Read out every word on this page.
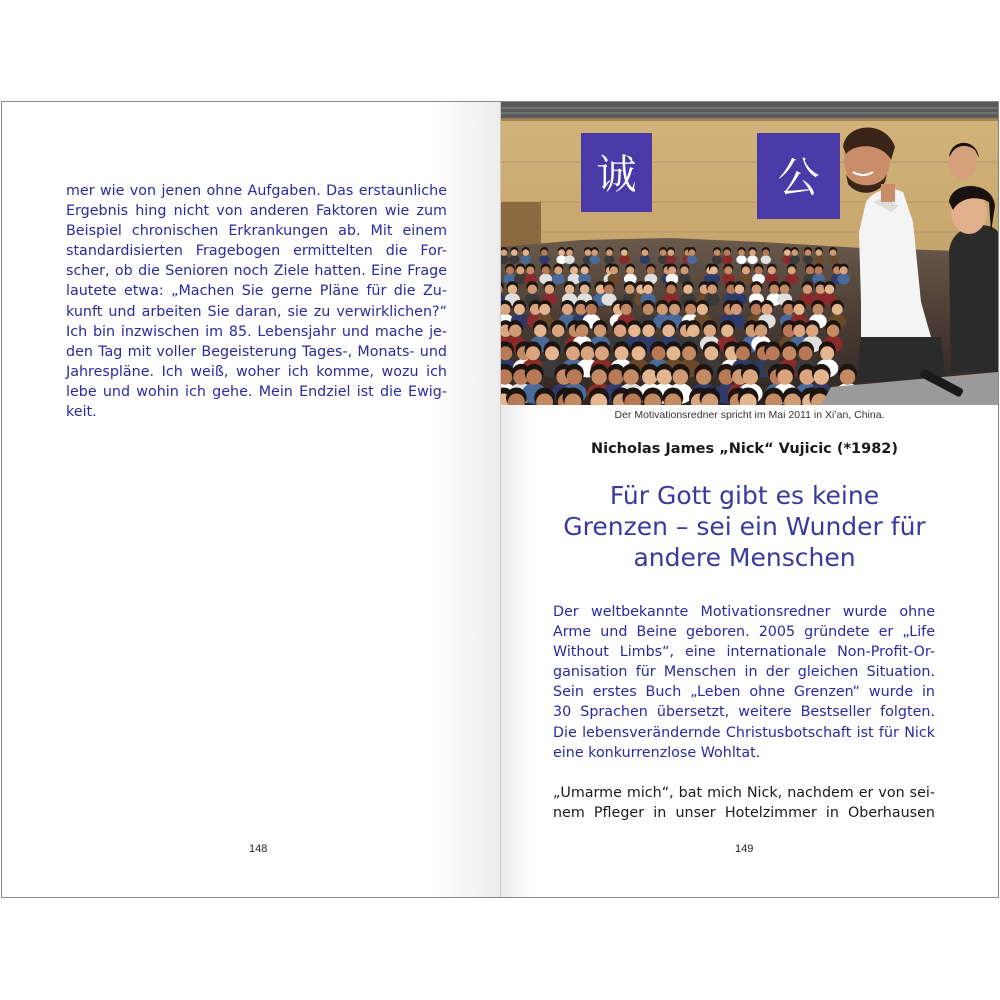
mer wie von jenen ohne Aufgaben. Das erstaunliche
Ergebnis hing nicht von anderen Faktoren wie zum
Beispiel chronischen Erkrankungen ab. Mit einem
standardisierten Fragebogen ermittelten die For-
scher, ob die Senioren noch Ziele hatten. Eine Frage
lautete etwa: „Machen Sie gerne Pläne für die Zu-
kunft und arbeiten Sie daran, sie zu verwirklichen?“
Ich bin inzwischen im 85. Lebensjahr und mache je-
den Tag mit voller Begeisterung Tages-, Monats- und
Jahrespläne. Ich weiß, woher ich komme, wozu ich
lebe und wohin ich gehe. Mein Endziel ist die Ewig-
keit.
148
诚	公
Der Motivationsredner spricht im Mai 2011 in Xi’an, China.
Nicholas James „Nick“ Vujicic (*1982)
Für Gott gibt es keine
Grenzen – sei ein Wunder für
andere Menschen
Der weltbekannte Motivationsredner wurde ohne
Arme und Beine geboren. 2005 gründete er „Life
Without Limbs“, eine internationale Non-Profit-Or-
ganisation für Menschen in der gleichen Situation.
Sein erstes Buch „Leben ohne Grenzen“ wurde in
30 Sprachen übersetzt, weitere Bestseller folgten.
Die lebensverändernde Christusbotschaft ist für Nick
eine konkurrenzlose Wohltat.
„Umarme mich“, bat mich Nick, nachdem er von sei-
nem Pfleger in unser Hotelzimmer in Oberhausen
149
